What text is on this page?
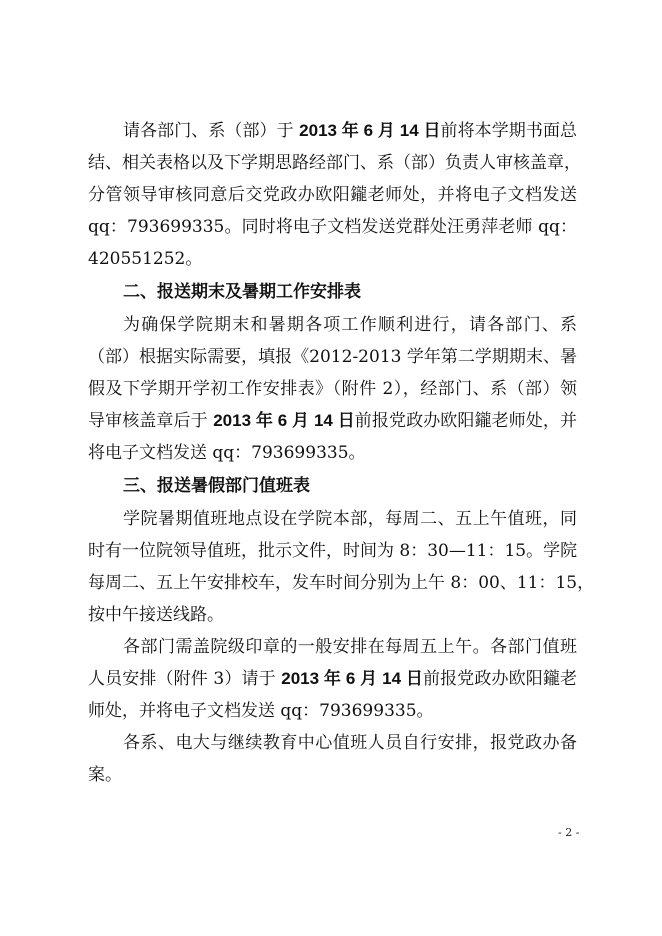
请各部门、系（部）于 2013 年 6 月 14 日前将本学期书面总
结、相关表格以及下学期思路经部门、系（部）负责人审核盖章，
分管领导审核同意后交党政办欧阳鑨老师处，并将电子文档发送
qq：793699335。同时将电子文档发送党群处汪勇萍老师 qq：
420551252。
二、报送期末及暑期工作安排表
为确保学院期末和暑期各项工作顺利进行，请各部门、系
（部）根据实际需要，填报《2012-2013 学年第二学期期末、暑
假及下学期开学初工作安排表》（附件 2），经部门、系（部）领
导审核盖章后于 2013 年 6 月 14 日前报党政办欧阳鑨老师处，并
将电子文档发送 qq：793699335。
三、报送暑假部门值班表
学院暑期值班地点设在学院本部，每周二、五上午值班，同
时有一位院领导值班，批示文件，时间为 8：30—11：15。学院
每周二、五上午安排校车，发车时间分别为上午 8：00、11：15，
按中午接送线路。
各部门需盖院级印章的一般安排在每周五上午。各部门值班
人员安排（附件 3）请于 2013 年 6 月 14 日前报党政办欧阳鑨老
师处，并将电子文档发送 qq：793699335。
各系、电大与继续教育中心值班人员自行安排，报党政办备
案。
- 2 -
